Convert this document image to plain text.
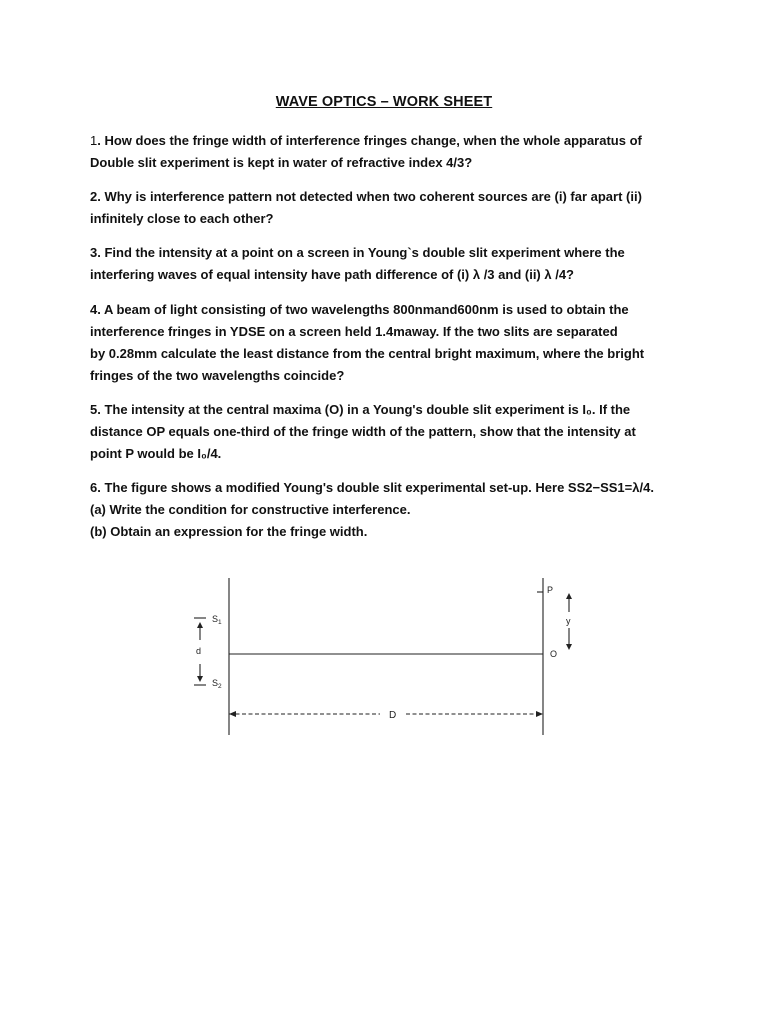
WAVE OPTICS – WORK SHEET

1. How does the fringe width of interference fringes change, when the whole apparatus of

Double slit experiment is kept in water of refractive index 4/3?

2. Why is interference pattern not detected when two coherent sources are (i) far apart (ii)

infinitely close to each other?

3. Find the intensity at a point on a screen in Young`s double slit experiment where the

interfering waves of equal intensity have path difference of (i) λ /3 and (ii) λ /4?

4. A beam of light consisting of two wavelengths 800nmand600nm is used to obtain the

interference fringes in YDSE on a screen held 1.4maway. If the two slits are separated

by 0.28mm calculate the least distance from the central bright maximum, where the bright

fringes of the two wavelengths coincide?

5. The intensity at the central maxima (O) in a Young's double slit experiment is I₀. If the

distance OP equals one-third of the fringe width of the pattern, show that the intensity at

point P would be I₀/4.

6. The figure shows a modified Young's double slit experimental set-up. Here SS2−SS1=λ/4.

(a) Write the condition for constructive interference.

(b) Obtain an expression for the fringe width.

$S_1$
$S_2$
d
D
P
O
y
